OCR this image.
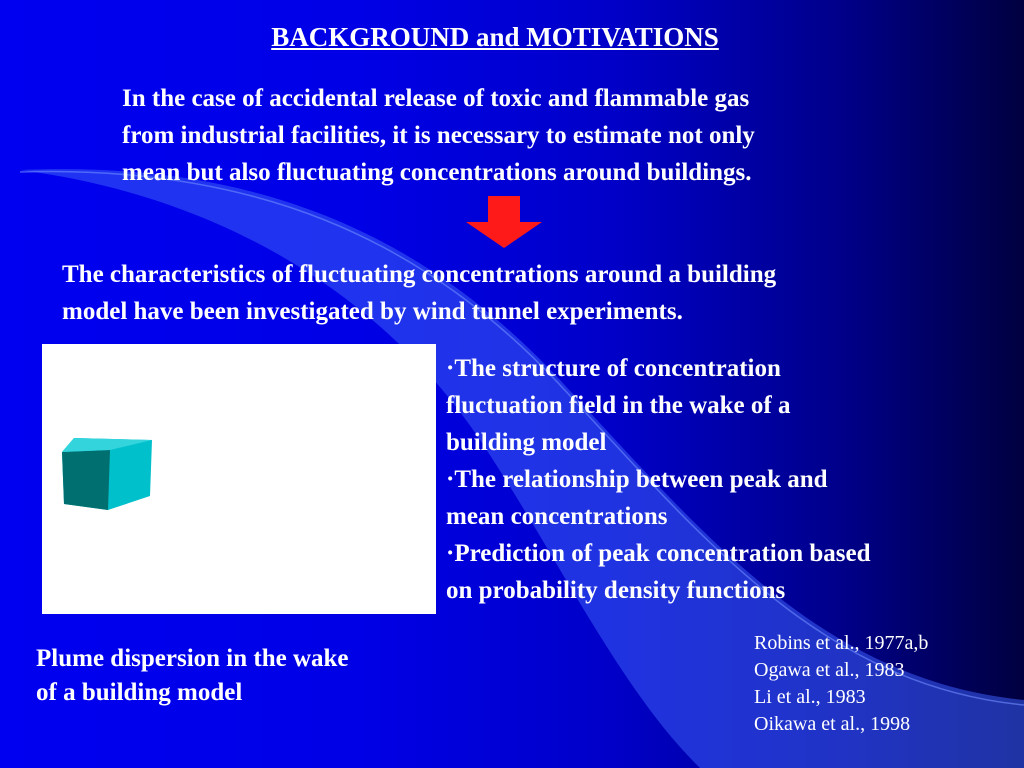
BACKGROUND and MOTIVATIONS
In the case of accidental release of toxic and flammable gas
from industrial facilities, it is necessary to estimate not only
mean but also fluctuating concentrations around buildings.
The characteristics of fluctuating concentrations around a building
model have been investigated by wind tunnel experiments.

·The structure of concentration

fluctuation field in the wake of a

building model

·The relationship between peak and

mean concentrations

·Prediction of peak concentration based

on probability density functions

Plume dispersion in the wake
of a building model
Robins et al., 1977a,b
Ogawa et al., 1983
Li et al., 1983
Oikawa et al., 1998
